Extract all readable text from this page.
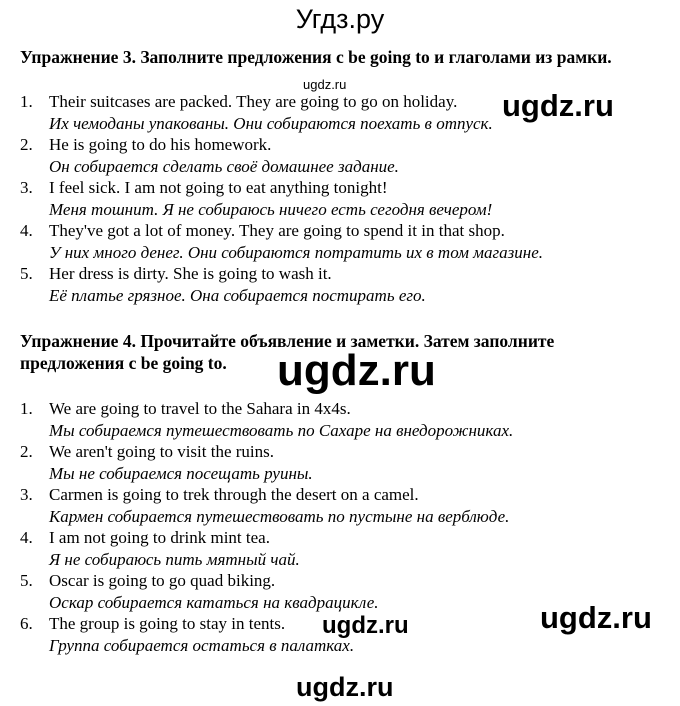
Угдз.ру
Упражнение 3. Заполните предложения с be going to и глаголами из рамки.
1. Their suitcases are packed. They are going to go on holiday.
Их чемоданы упакованы. Они собираются поехать в отпуск.
2. He is going to do his homework.
Он собирается сделать своё домашнее задание.
3. I feel sick. I am not going to eat anything tonight!
Меня тошнит. Я не собираюсь ничего есть сегодня вечером!
4. They've got a lot of money. They are going to spend it in that shop.
У них много денег. Они собираются потратить их в том магазине.
5. Her dress is dirty. She is going to wash it.
Её платье грязное. Она собирается постирать его.
Упражнение 4. Прочитайте объявление и заметки. Затем заполните
предложения с be going to.
1. We are going to travel to the Sahara in 4x4s.
Мы собираемся путешествовать по Сахаре на внедорожниках.
2. We aren't going to visit the ruins.
Мы не собираемся посещать руины.
3. Carmen is going to trek through the desert on a camel.
Кармен собирается путешествовать по пустыне на верблюде.
4. I am not going to drink mint tea.
Я не собираюсь пить мятный чай.
5. Oscar is going to go quad biking.
Оскар собирается кататься на квадрацикле.
6. The group is going to stay in tents.
Группа собирается остаться в палатках.
ugdz.ru
ugdz.ru
ugdz.ru
ugdz.ru
ugdz.ru
ugdz.ru
